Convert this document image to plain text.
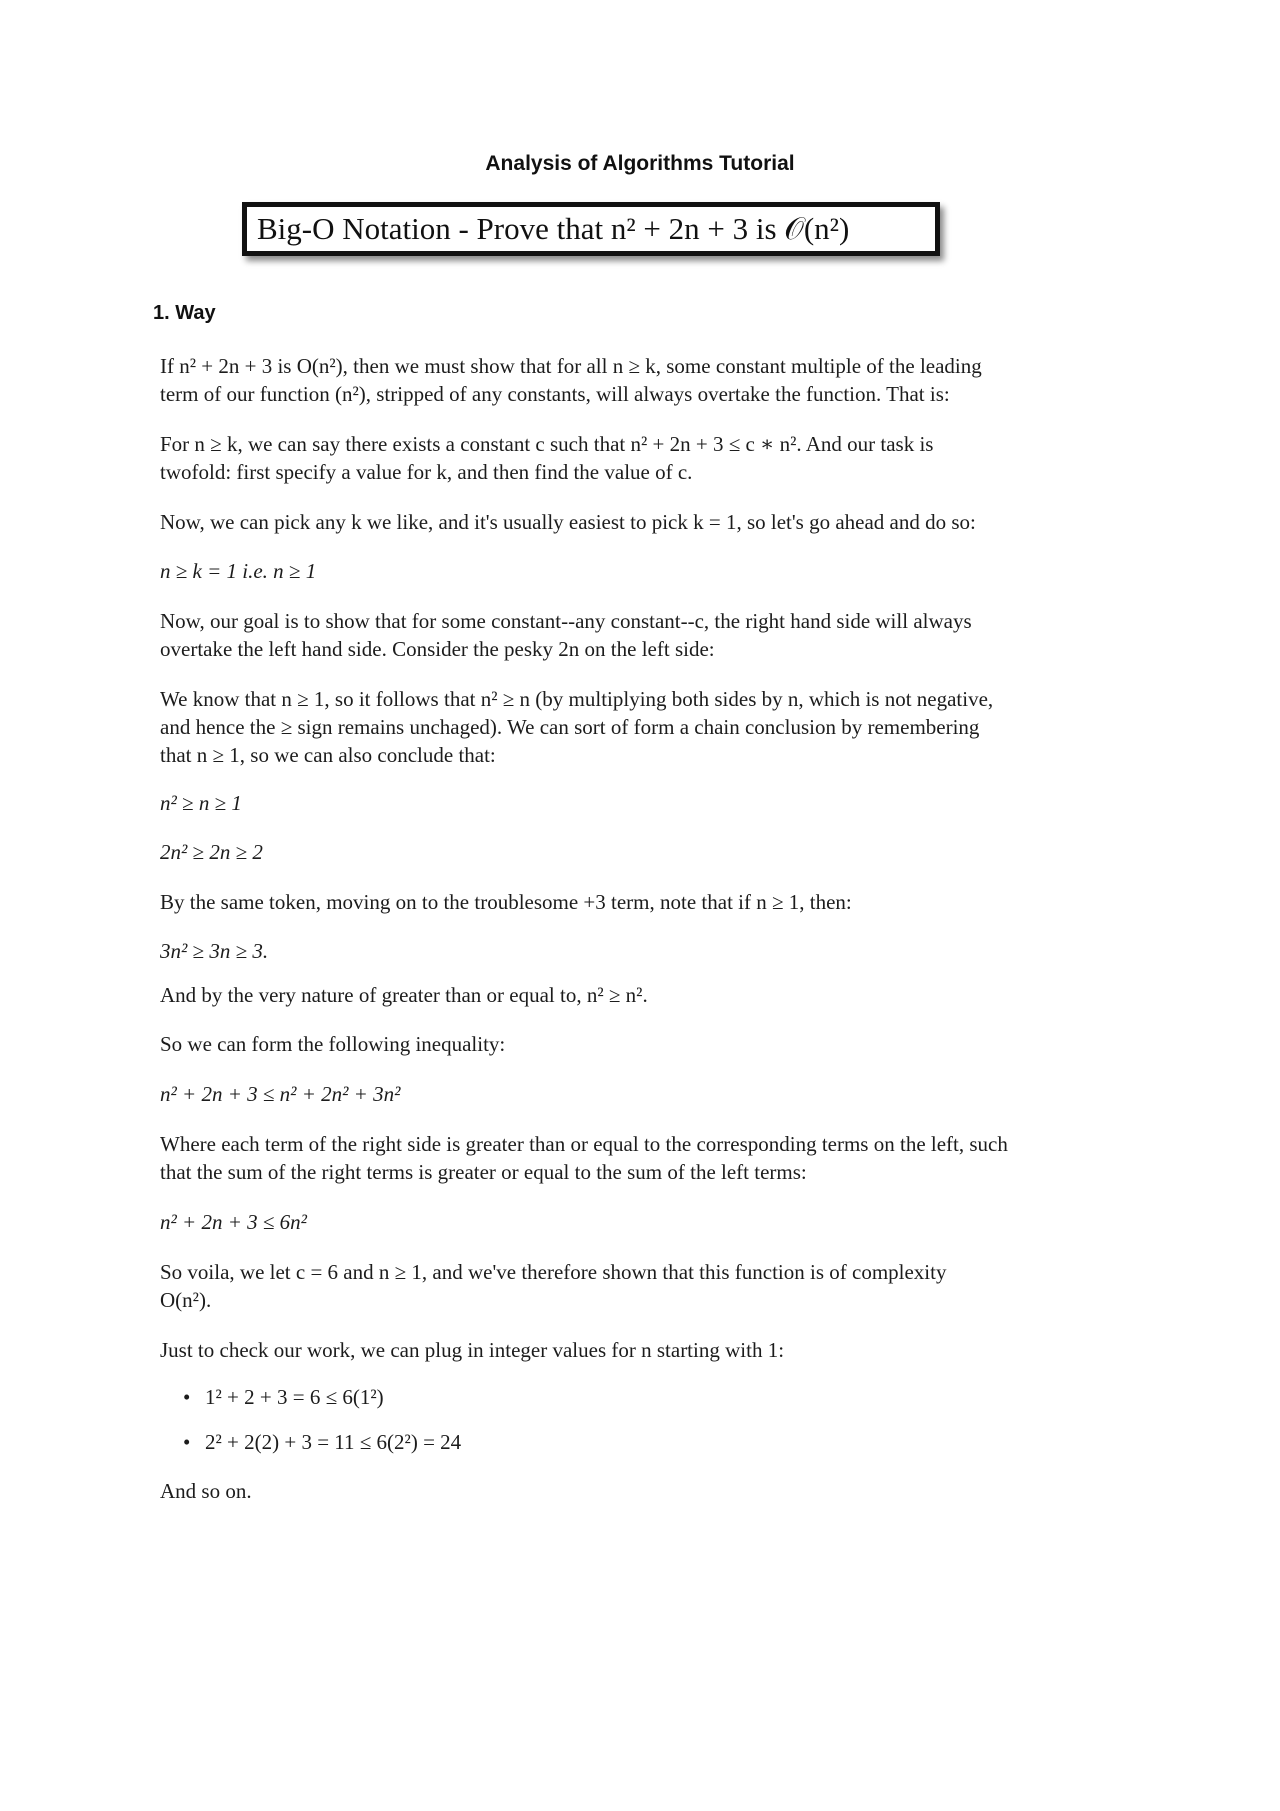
Analysis of Algorithms Tutorial
Big-O Notation - Prove that n² + 2n + 3 is 𝒪(n²)
1. Way
If n² + 2n + 3 is O(n²), then we must show that for all n ≥ k, some constant multiple of the leading
term of our function (n²), stripped of any constants, will always overtake the function. That is:
For n ≥ k, we can say there exists a constant c such that n² + 2n + 3 ≤ c ∗ n². And our task is
twofold: first specify a value for k, and then find the value of c.
Now, we can pick any k we like, and it's usually easiest to pick k = 1, so let's go ahead and do so:
n ≥ k = 1 i.e. n ≥ 1
Now, our goal is to show that for some constant--any constant--c, the right hand side will always
overtake the left hand side. Consider the pesky 2n on the left side:
We know that n ≥ 1, so it follows that n² ≥ n (by multiplying both sides by n, which is not negative,
and hence the ≥ sign remains unchaged). We can sort of form a chain conclusion by remembering
that n ≥ 1, so we can also conclude that:
n² ≥ n ≥ 1
2n² ≥ 2n ≥ 2
By the same token, moving on to the troublesome +3 term, note that if n ≥ 1, then:
3n² ≥ 3n ≥ 3.
And by the very nature of greater than or equal to, n² ≥ n².
So we can form the following inequality:
n² + 2n + 3 ≤ n² + 2n² + 3n²
Where each term of the right side is greater than or equal to the corresponding terms on the left, such
that the sum of the right terms is greater or equal to the sum of the left terms:
n² + 2n + 3 ≤ 6n²
So voila, we let c = 6 and n ≥ 1, and we've therefore shown that this function is of complexity
O(n²).
Just to check our work, we can plug in integer values for n starting with 1:
• 1² + 2 + 3 = 6 ≤ 6(1²)
• 2² + 2(2) + 3 = 11 ≤ 6(2²) = 24
And so on.
